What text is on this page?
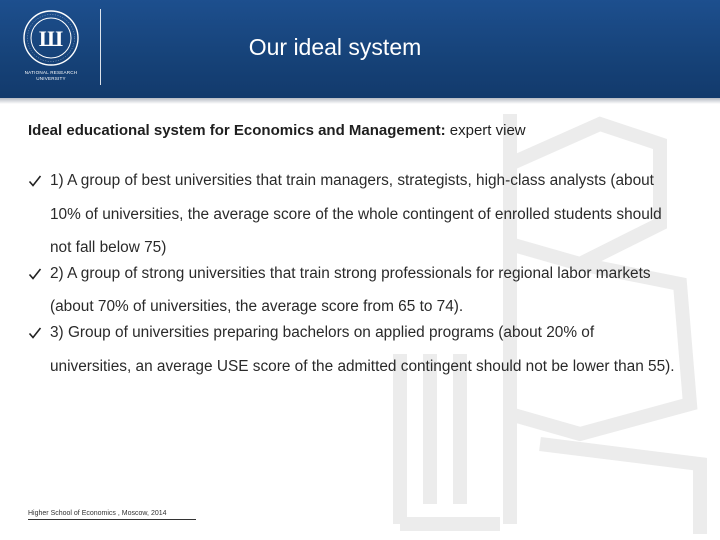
Ш
NATIONAL RESEARCH
UNIVERSITY
Our ideal system
Ideal educational system for Economics and Management: expert view
1) A group of best universities that train managers, strategists, high-class analysts (about 10% of universities, the average score of the whole contingent of enrolled students should not fall below 75)
2) A group of strong universities that train strong professionals for regional labor markets (about 70% of universities, the average score from 65 to 74).
3) Group of universities preparing bachelors on applied programs (about 20% of universities, an average USE score of the admitted contingent should not be lower than 55).
Higher School of Economics , Moscow, 2014
